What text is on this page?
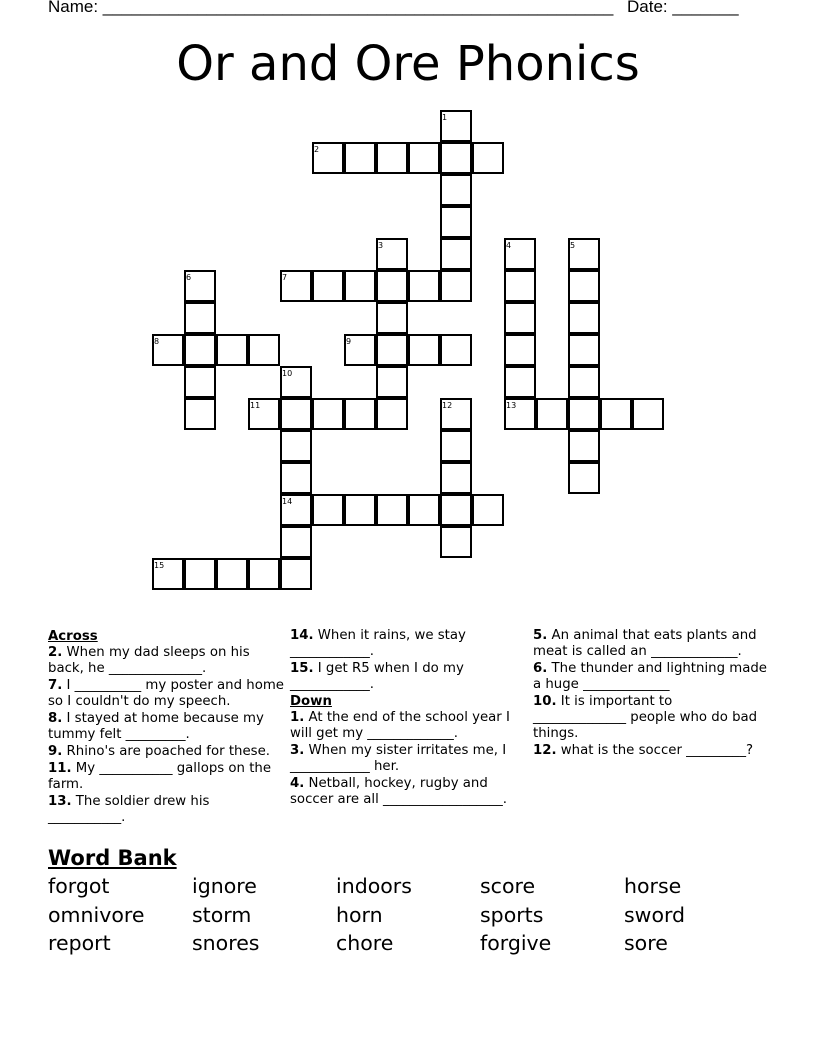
Name: ______________________________________________________ Date: _______
Or and Ore Phonics
1
2
3	4	5
6	7
8	9
10
11	12	13
14
15
Across
2. When my dad sleeps on his back, he ______________.
7. I __________ my poster and home so I couldn't do my speech.
8. I stayed at home because my tummy felt _________.
9. Rhino's are poached for these.
11. My ___________ gallops on the farm.
13. The soldier drew his ___________.
14. When it rains, we stay ____________.
15. I get R5 when I do my ____________.
Down
1. At the end of the school year I will get my _____________.
3. When my sister irritates me, I ____________ her.
4. Netball, hockey, rugby and soccer are all __________________.
5. An animal that eats plants and meat is called an _____________.
6. The thunder and lightning made a huge _____________
10. It is important to ______________ people who do bad things.
12. what is the soccer _________?
Word Bank
forgot	ignore	indoors	score	horse
omnivore storm	horn	sports	sword
report	snores	chore	forgive	sore
